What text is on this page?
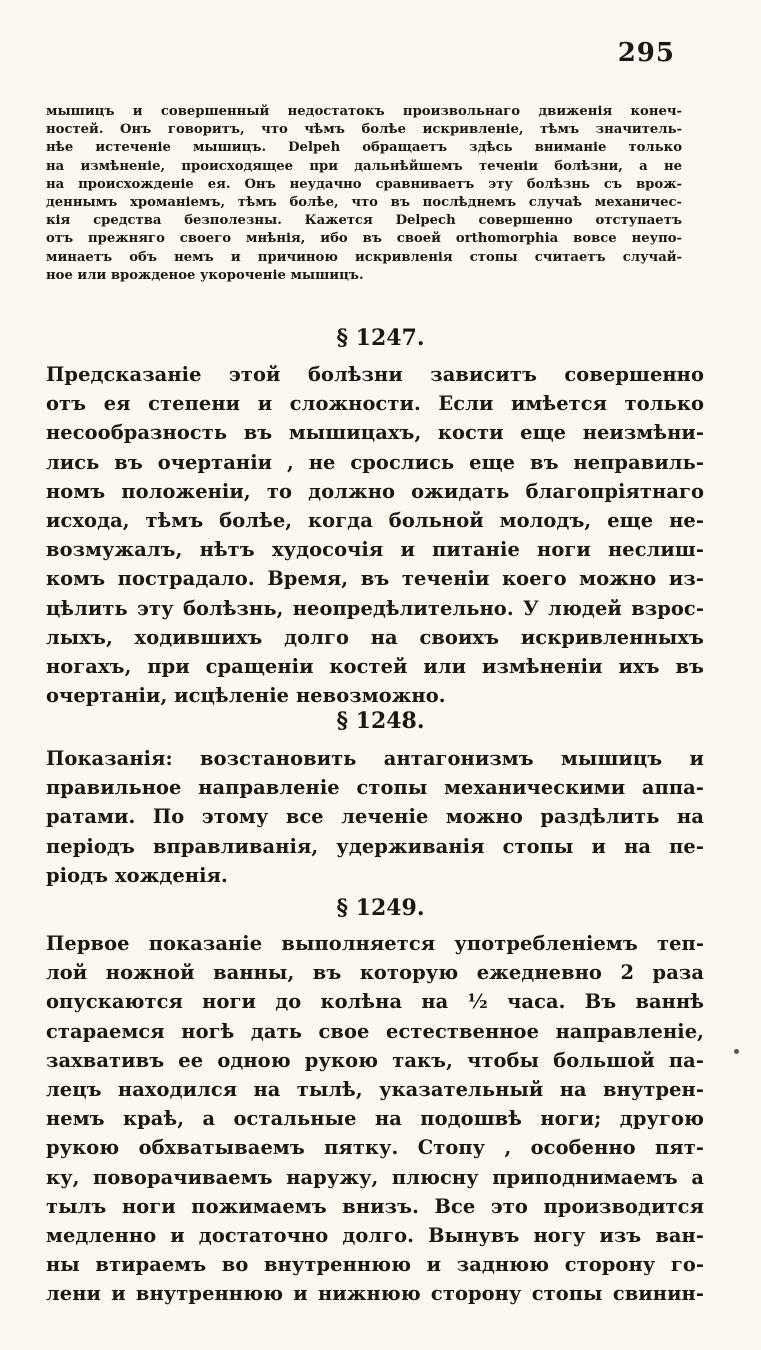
295
мышицъ и совершенный недостатокъ произвольнаго движенія конеч-
ностей. Онъ говоритъ, что чѣмъ болѣе искривленіе, тѣмъ значитель-
нѣе истеченіе мышицъ. Delpeh обращаетъ здѣсь вниманіе только
на измѣненіе, происходящее при дальнѣйшемъ теченіи болѣзни, а не
на происхожденіе ея. Онъ неудачно сравниваетъ эту болѣзнь съ врож-
деннымъ хромaніемъ, тѣмъ болѣе, что въ послѣднемъ случаѣ механичес-
кія средства безполезны. Кажется Delpech совершенно отступаетъ
отъ прежняго своего мнѣнія, ибо въ своей orthomorphia вовсе неупо-
минаетъ объ немъ и причиною искривленія стопы считаетъ случай-
ное или врожденое укороченіе мышицъ.
§ 1247.
Предсказаніе этой болѣзни зависитъ совершенно
отъ ея степени и сложности. Если имѣется только
несообразность въ мышицахъ, кости еще неизмѣни-
лись въ очертаніи , не срослись еще въ неправиль-
номъ положеніи, то должно ожидать благопріятнаго
исхода, тѣмъ болѣе, когда больной молодъ, еще не-
возмужалъ, нѣтъ худосочія и питаніе ноги неслиш-
комъ пострадало. Время, въ теченіи коего можно из-
цѣлить эту болѣзнь, неопредѣлительно. У людей взрос-
лыхъ, ходившихъ долго на своихъ искривленныхъ
ногахъ, при сращеніи костей или измѣненіи ихъ въ
очертаніи, исцѣленіе невозможно.
§ 1248.
Показанія: возстановить антагонизмъ мышицъ и
правильное направленіе стопы механическими аппа-
ратами. По этому все леченіе можно раздѣлить на
періодъ вправливанія, удерживанія стопы и на пе-
ріодъ хожденія.
§ 1249.
Первое показаніе выполняется употребленіемъ теп-
лой ножной ванны, въ которую ежедневно 2 раза
опускаются ноги до колѣна на ½ часа. Въ ваннѣ
стараемся ногѣ дать свое естественное направленіе,
захвативъ ее одною рукою такъ, чтобы большой па-
лецъ находился на тылѣ, указательный на внутрен-
немъ краѣ, а остальные на подошвѣ ноги; другою
рукою обхватываемъ пятку. Стопу , особенно пят-
ку, поворачиваемъ наружу, плюсну приподнимаемъ а
тылъ ноги пожимаемъ внизъ. Все это производится
медленно и достаточно долго. Вынувъ ногу изъ ван-
ны втираемъ во внутреннюю и заднюю сторону го-
лени и внутреннюю и нижнюю сторону стопы свинин-
